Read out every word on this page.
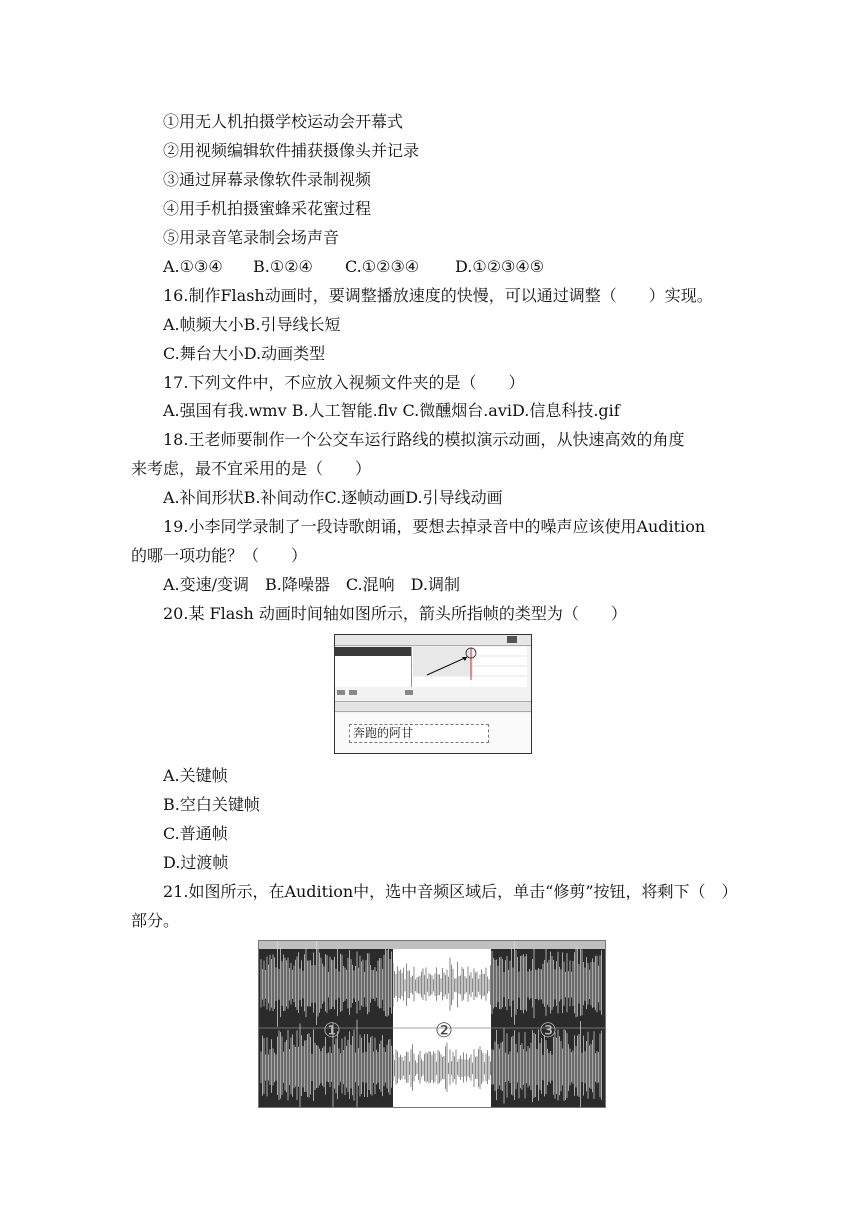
①用无人机拍摄学校运动会开幕式
②用视频编辑软件捕获摄像头并记录
③通过屏幕录像软件录制视频
④用手机拍摄蜜蜂采花蜜过程
⑤用录音笔录制会场声音
A.①③④	B.①②④	C.①②③④	D.①②③④⑤
16.制作Flash动画时，要调整播放速度的快慢，可以通过调整（　　）实现。
A.帧频大小B.引导线长短
C.舞台大小D.动画类型
17.下列文件中，不应放入视频文件夹的是（　　）
A.强国有我.wmv B.人工智能.flv C.微醺烟台.aviD.信息科技.gif
18.王老师要制作一个公交车运行路线的模拟演示动画，从快速高效的角度
来考虑，最不宜采用的是（　　）
A.补间形状B.补间动作C.逐帧动画D.引导线动画
19.小李同学录制了一段诗歌朗诵，要想去掉录音中的噪声应该使用Audition
的哪一项功能？（　　）
A.变速/变调　B.降噪器　C.混响　D.调制
20.某 Flash 动画时间轴如图所示，箭头所指帧的类型为（　　）
奔跑的阿甘
A.关键帧
B.空白关键帧
C.普通帧
D.过渡帧
21.如图所示，在Audition中，选中音频区域后，单击“修剪”按钮，将剩下（　）
部分。
①	②	③
